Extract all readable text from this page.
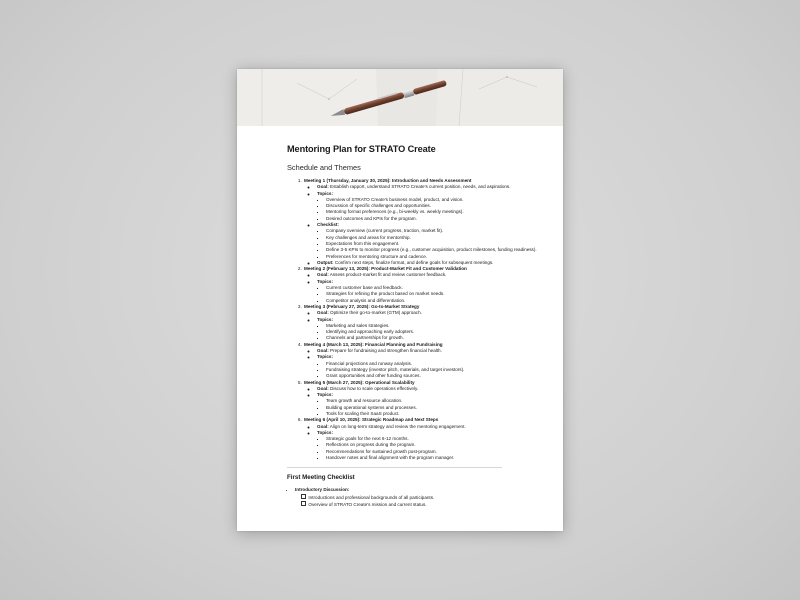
Mentoring Plan for STRATO Create
Schedule and Themes
1. Meeting 1 (Thursday, January 30, 2025): Introduction and Needs Assessment
◦ Goal: Establish rapport, understand STRATO Create's current position, needs, and aspirations.
◦ Topics:
▪ Overview of STRATO Create's business model, product, and vision.
▪ Discussion of specific challenges and opportunities.
▪ Mentoring format preferences (e.g., bi-weekly vs. weekly meetings).
▪ Desired outcomes and KPIs for the program.
◦ Checklist:
▪ Company overview (current progress, traction, market fit).
▪ Key challenges and areas for mentorship.
▪ Expectations from this engagement.
▪ Define 3-5 KPIs to monitor progress (e.g., customer acquisition, product milestones, funding readiness).
▪ Preferences for mentoring structure and cadence.
◦ Output: Confirm next steps, finalize format, and define goals for subsequent meetings.
2. Meeting 2 (February 13, 2025): Product-Market Fit and Customer Validation
◦ Goal: Assess product-market fit and review customer feedback.
◦ Topics:
▪ Current customer base and feedback.
▪ Strategies for refining the product based on market needs.
▪ Competitor analysis and differentiation.
3. Meeting 3 (February 27, 2025): Go-to-Market Strategy
◦ Goal: Optimize their go-to-market (GTM) approach.
◦ Topics:
▪ Marketing and sales strategies.
▪ Identifying and approaching early adopters.
▪ Channels and partnerships for growth.
4. Meeting 4 (March 13, 2025): Financial Planning and Fundraising
◦ Goal: Prepare for fundraising and strengthen financial health.
◦ Topics:
▪ Financial projections and runway analysis.
▪ Fundraising strategy (investor pitch, materials, and target investors).
▪ Grant opportunities and other funding sources.
5. Meeting 5 (March 27, 2025): Operational Scalability
◦ Goal: Discuss how to scale operations effectively.
◦ Topics:
▪ Team growth and resource allocation.
▪ Building operational systems and processes.
▪ Tools for scaling their SaaS product.
6. Meeting 6 (April 10, 2025): Strategic Roadmap and Next Steps
◦ Goal: Align on long-term strategy and review the mentoring engagement.
◦ Topics:
▪ Strategic goals for the next 6-12 months.
▪ Reflections on progress during the program.
▪ Recommendations for sustained growth post-program.
▪ Handover notes and final alignment with the program manager.
First Meeting Checklist
• Introductory Discussion:
Introductions and professional backgrounds of all participants.
Overview of STRATO Create's mission and current status.
